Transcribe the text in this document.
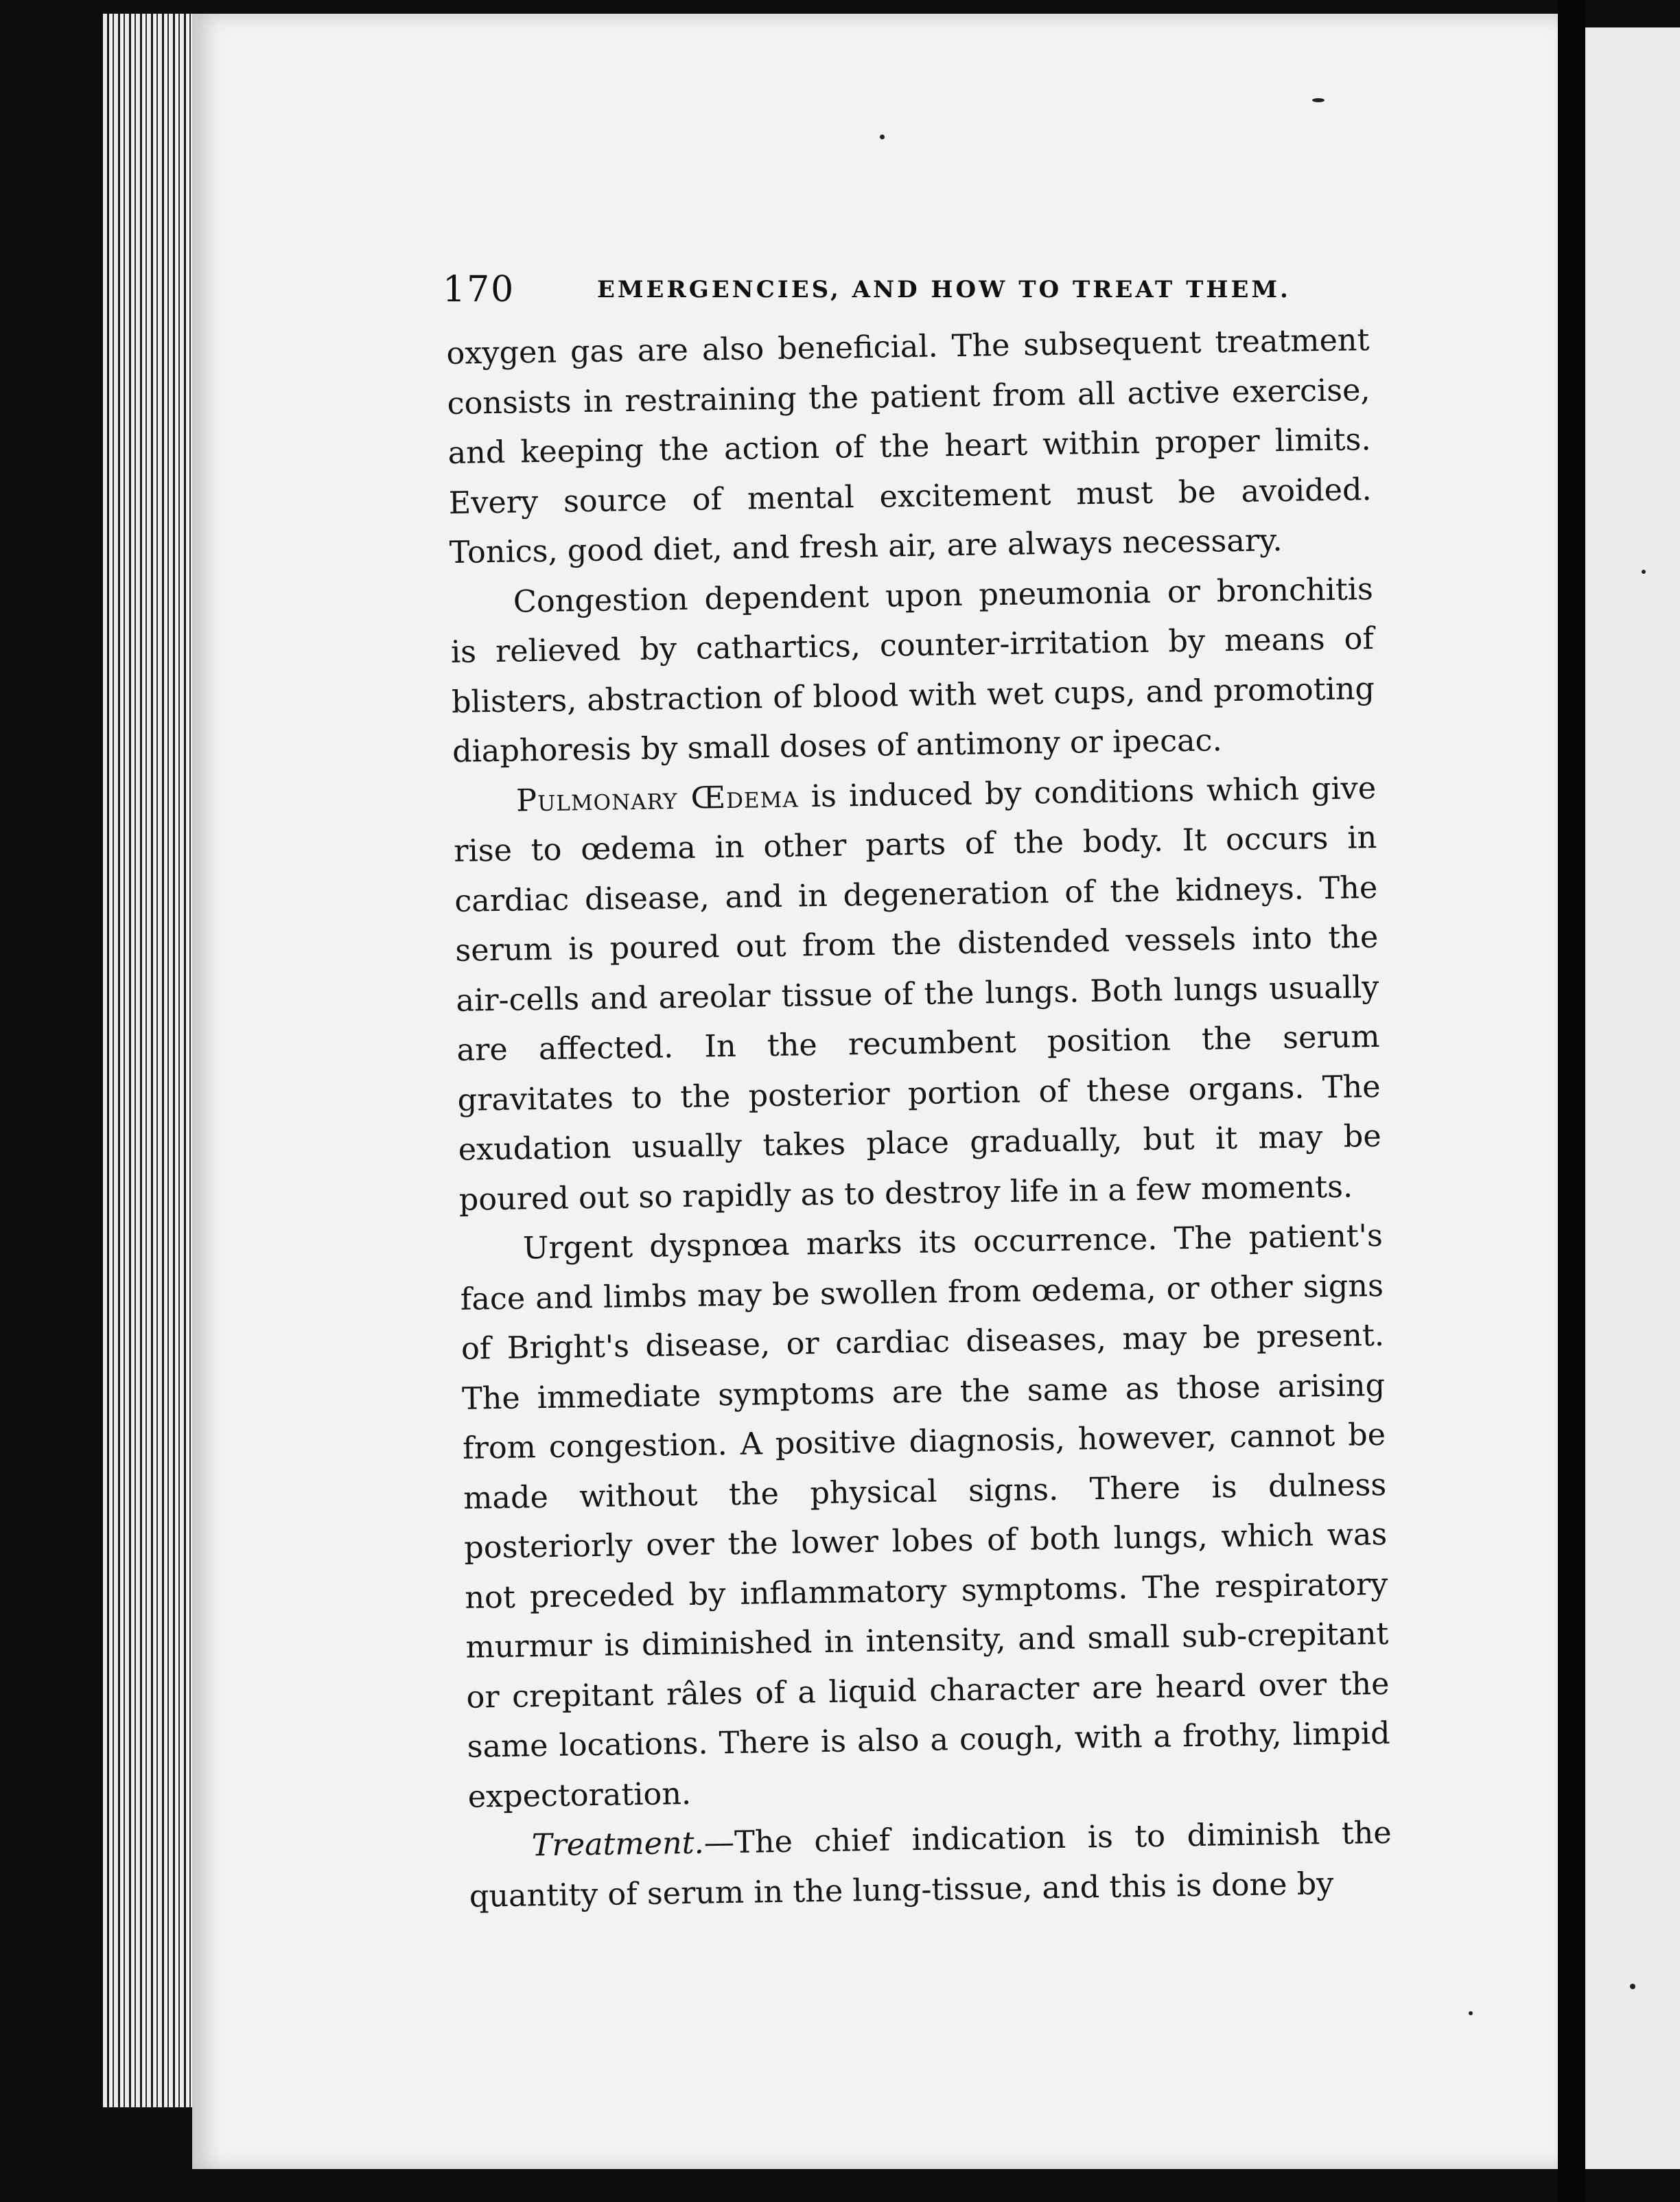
170	EMERGENCIES, AND HOW TO TREAT THEM.

oxygen gas are also beneficial. The subsequent treatment consists in restraining the patient from all active exercise, and keeping the action of the heart within proper limits. Every source of mental excitement must be avoided. Tonics, good diet, and fresh air, are always necessary.

Congestion dependent upon pneumonia or bronchitis is relieved by cathartics, counter-irritation by means of blisters, abstraction of blood with wet cups, and promoting diaphoresis by small doses of antimony or ipecac.

Pulmonary Œdema is induced by conditions which give rise to œdema in other parts of the body. It occurs in cardiac disease, and in degeneration of the kidneys. The serum is poured out from the distended vessels into the air-cells and areolar tissue of the lungs. Both lungs usually are affected. In the recumbent position the serum gravitates to the posterior portion of these organs. The exudation usually takes place gradually, but it may be poured out so rapidly as to destroy life in a few moments.

Urgent dyspnœa marks its occurrence. The patient's face and limbs may be swollen from œdema, or other signs of Bright's disease, or cardiac diseases, may be present. The immediate symptoms are the same as those arising from congestion. A positive diagnosis, however, cannot be made without the physical signs. There is dulness posteriorly over the lower lobes of both lungs, which was not preceded by inflammatory symptoms. The respiratory murmur is diminished in intensity, and small sub-crepitant or crepitant râles of a liquid character are heard over the same locations. There is also a cough, with a frothy, limpid expectoration.

Treatment.—The chief indication is to diminish the quantity of serum in the lung-tissue, and this is done by
